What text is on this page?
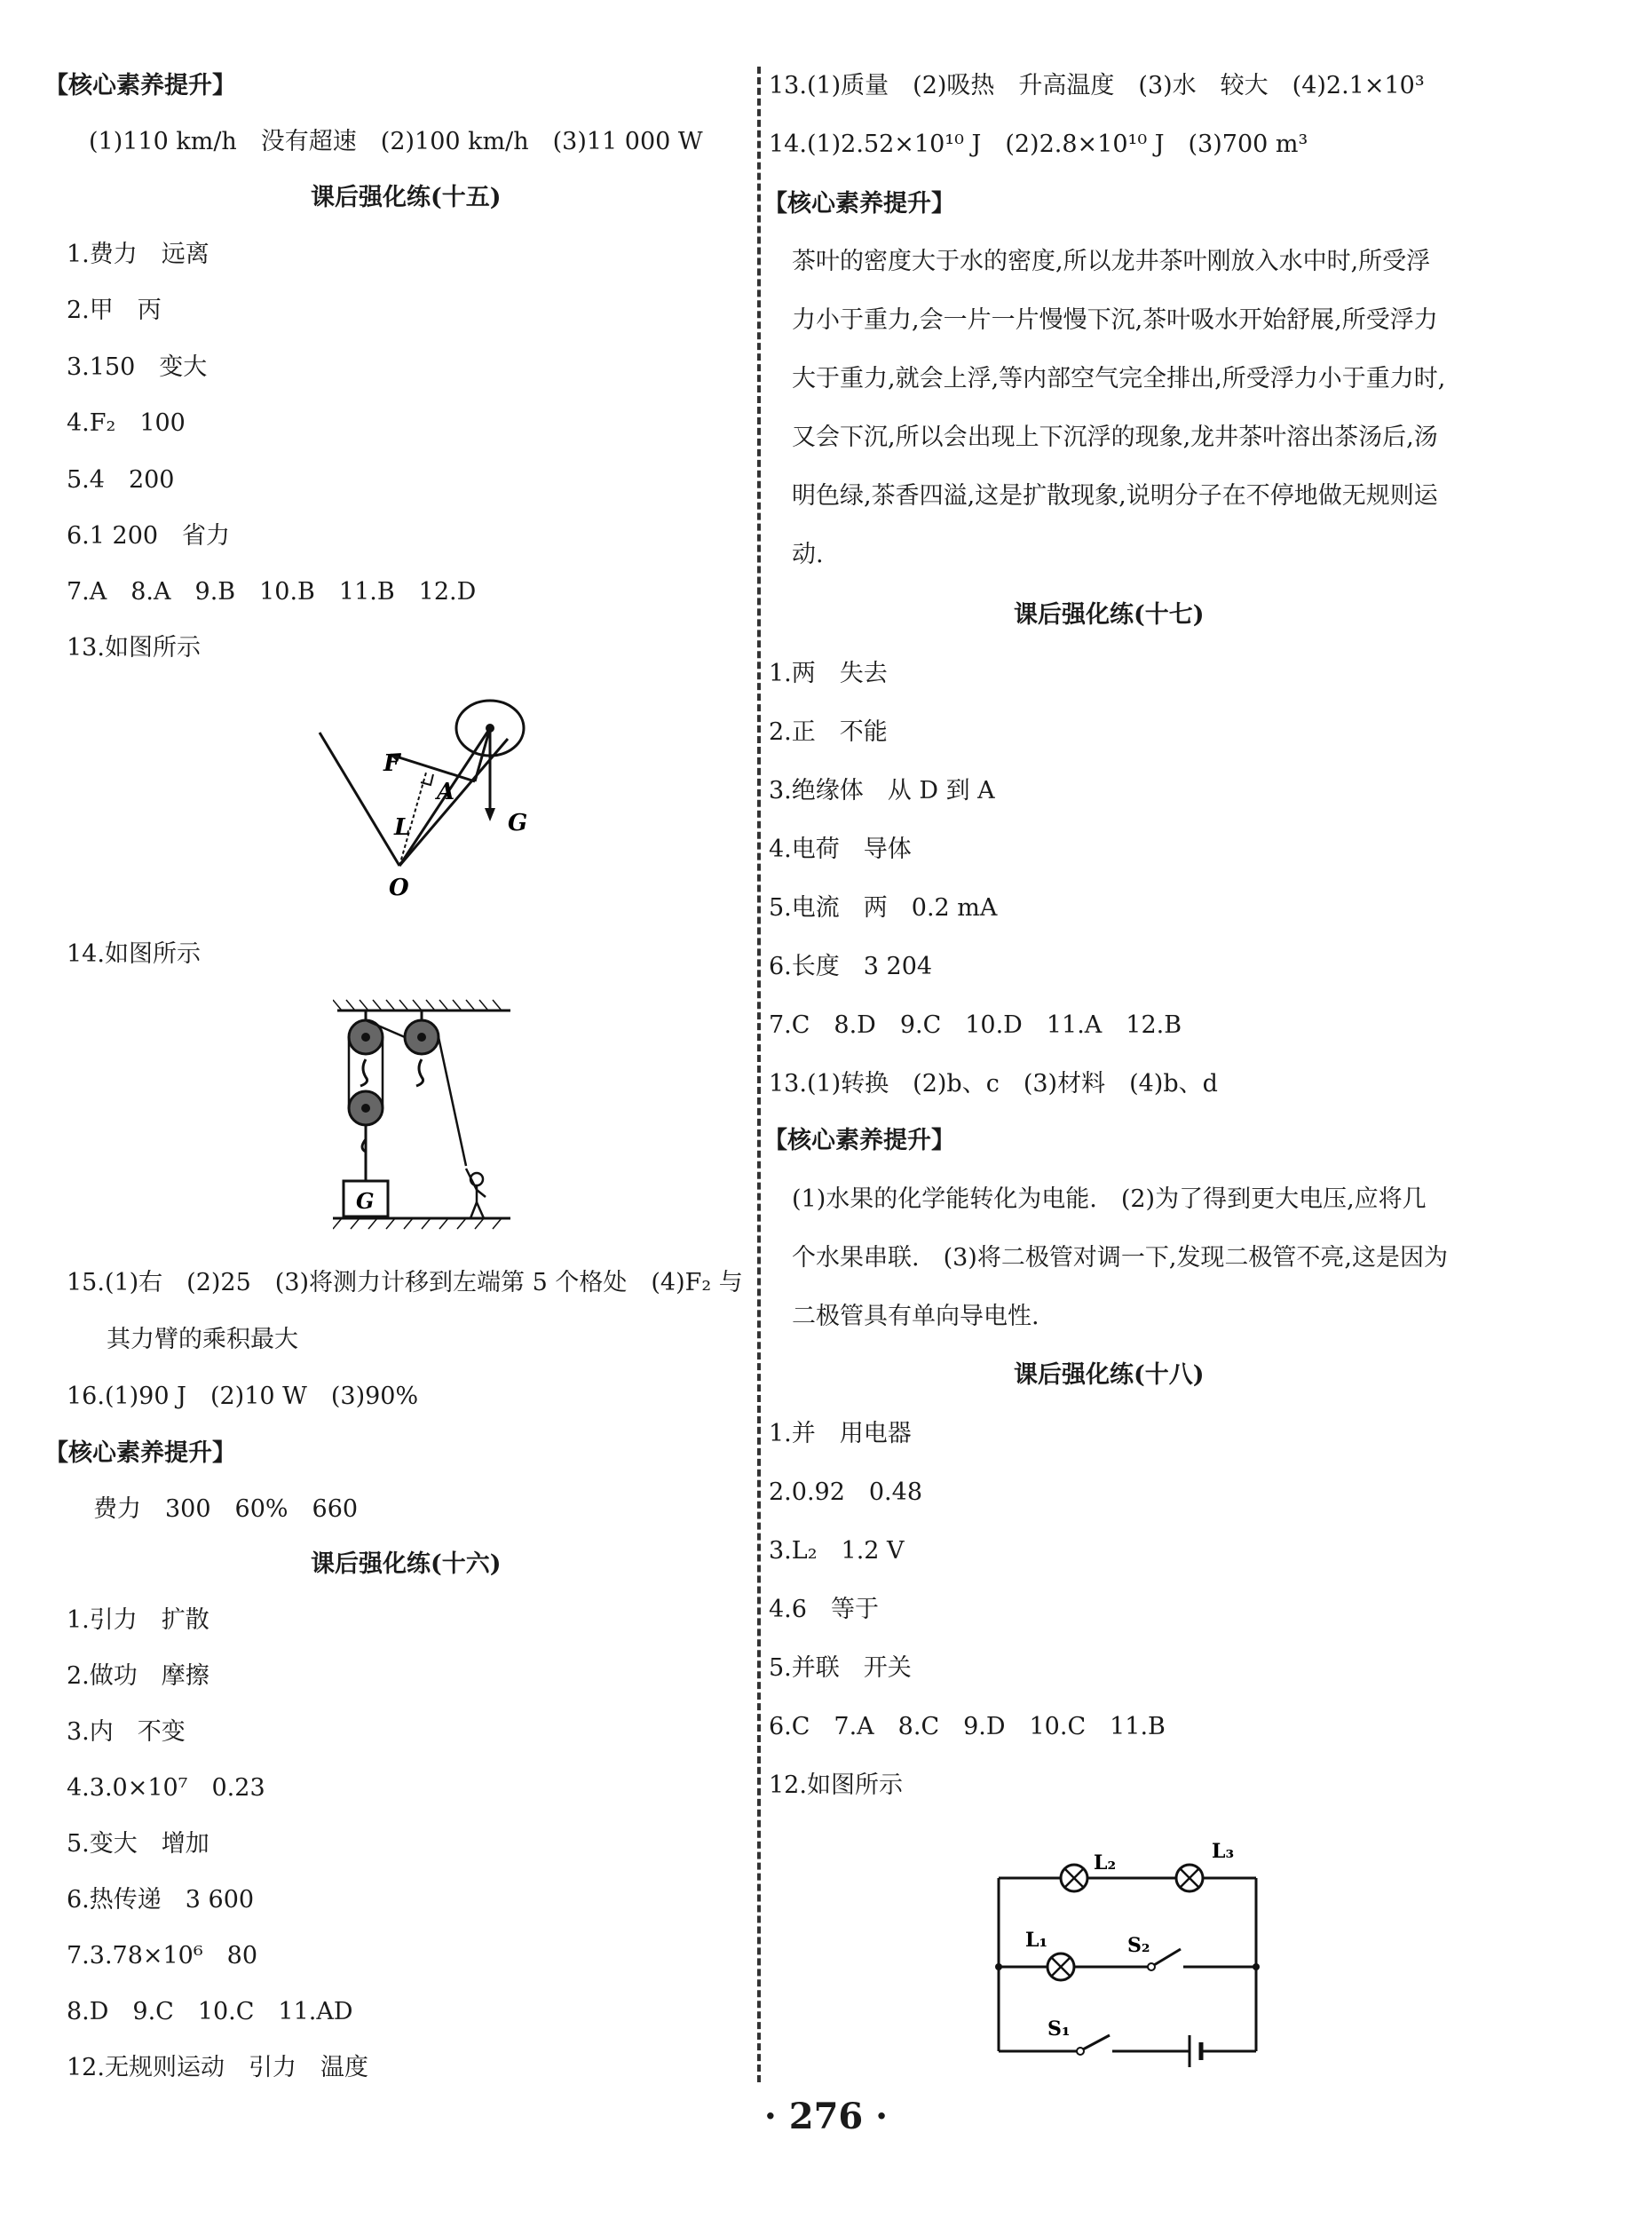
【核心素养提升】
(1)110 km/h　没有超速　(2)100 km/h　(3)11 000 W
课后强化练(十五)
1.费力　远离
2.甲　丙
3.150　变大
4.F₂　100
5.4　200
6.1 200　省力
7.A　8.A　9.B　10.B　11.B　12.D
13.如图所示
F
A
L	G
O
14.如图所示
G
15.(1)右　(2)25　(3)将测力计移到左端第 5 个格处　(4)F₂ 与
其力臂的乘积最大
16.(1)90 J　(2)10 W　(3)90%
【核心素养提升】
费力　300　60%　660
课后强化练(十六)
1.引力　扩散
2.做功　摩擦
3.内　不变
4.3.0×10⁷　0.23
5.变大　增加
6.热传递　3 600
7.3.78×10⁶　80
8.D　9.C　10.C　11.AD
12.无规则运动　引力　温度
13.(1)质量　(2)吸热　升高温度　(3)水　较大　(4)2.1×10³
14.(1)2.52×10¹⁰ J　(2)2.8×10¹⁰ J　(3)700 m³
【核心素养提升】
茶叶的密度大于水的密度,所以龙井茶叶刚放入水中时,所受浮力小于重力,会一片一片慢慢下沉,茶叶吸水开始舒展,所受浮力大于重力,就会上浮,等内部空气完全排出,所受浮力小于重力时,又会下沉,所以会出现上下沉浮的现象,龙井茶叶溶出茶汤后,汤明色绿,茶香四溢,这是扩散现象,说明分子在不停地做无规则运动.
课后强化练(十七)
1.两　失去
2.正　不能
3.绝缘体　从 D 到 A
4.电荷　导体
5.电流　两　0.2 mA
6.长度　3 204
7.C　8.D　9.C　10.D　11.A　12.B
13.(1)转换　(2)b、c　(3)材料　(4)b、d
【核心素养提升】
(1)水果的化学能转化为电能.　(2)为了得到更大电压,应将几个水果串联.　(3)将二极管对调一下,发现二极管不亮,这是因为二极管具有单向导电性.
课后强化练(十八)
1.并　用电器
2.0.92　0.48
3.L₂　1.2 V
4.6　等于
5.并联　开关
6.C　7.A　8.C　9.D　10.C　11.B
12.如图所示
L₂	L₃
L₁	S₂
S₁
· 276 ·
